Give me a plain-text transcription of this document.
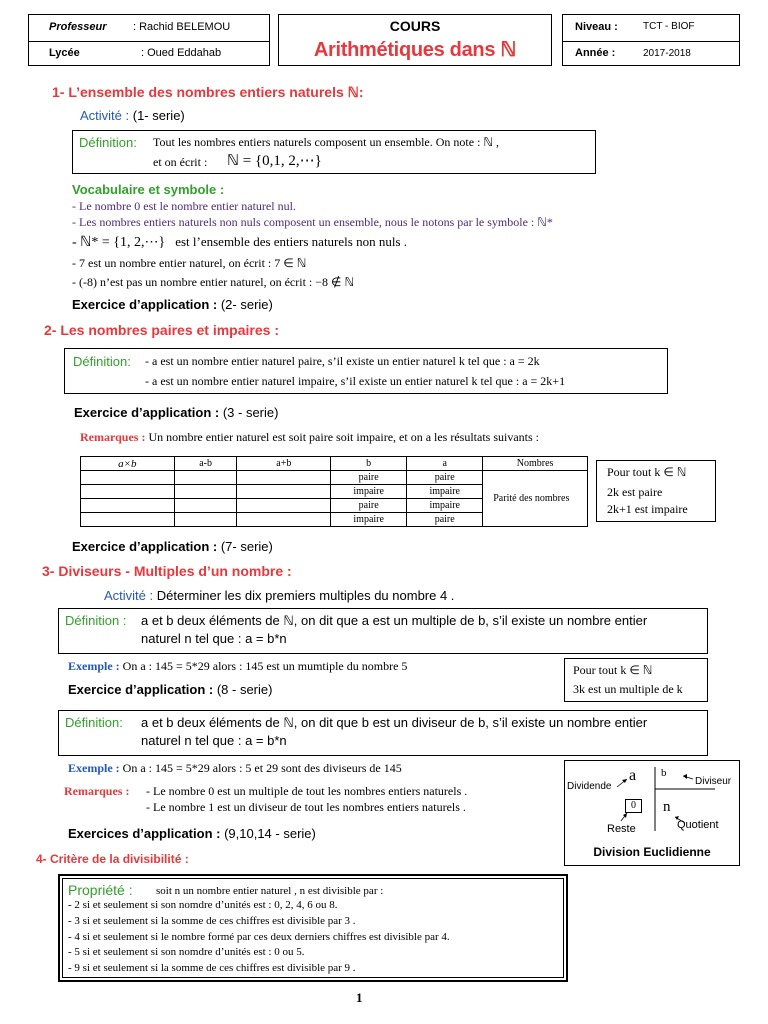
Professeur : Rachid BELEMOU
Lycée	: Oued Eddahab
COURS
Arithmétiques dans ℕ
Niveau :	TCT - BIOF
Année :	2017-2018
1- L’ensemble des nombres entiers naturels ℕ:
Activité : (1- serie)
Définition: Tout les nombres entiers naturels composent un ensemble. On note : ℕ ,
et on écrit : ℕ = {0,1, 2,⋯}
Vocabulaire et symbole :
- Le nombre 0 est le nombre entier naturel nul.
- Les nombres entiers naturels non nuls composent un ensemble, nous le notons par le symbole : ℕ*
- ℕ* = {1, 2,⋯} est l’ensemble des entiers naturels non nuls .
- 7 est un nombre entier naturel, on écrit : 7 ∈ ℕ
- (-8) n’est pas un nombre entier naturel, on écrit : −8 ∉ ℕ
Exercice d’application : (2- serie)
2- Les nombres paires et impaires :
Définition: - a est un nombre entier naturel paire, s’il existe un entier naturel k tel que : a = 2k
- a est un nombre entier naturel impaire, s’il existe un entier naturel k tel que : a = 2k+1
Exercice d’application : (3 - serie)
Remarques : Un nombre entier naturel est soit paire soit impaire, et on a les résultats suivants :
a×b	a-b	a+b	b	a	Nombres
			paire	paire	Parité des nombres
			impaire	impaire	
			paire	impaire	
			impaire	paire	
Pour tout k ∈ ℕ
2k est paire
2k+1 est impaire
Exercice d’application : (7- serie)
3- Diviseurs - Multiples d’un nombre :
Activité : Déterminer les dix premiers multiples du nombre 4 .
Définition : a et b deux éléments de ℕ, on dit que a est un multiple de b, s’il existe un nombre entier
naturel n tel que : a = b*n
Exemple : On a : 145 = 5*29 alors : 145 est un mumtiple du nombre 5	Pour tout k ∈ ℕ
3k est un multiple de k
Exercice d’application : (8 - serie)
Définition: a et b deux éléments de ℕ, on dit que b est un diviseur de b, s’il existe un nombre entier
naturel n tel que : a = b*n
Exemple : On a : 145 = 5*29 alors : 5 et 29 sont des diviseurs de 145
Remarques : - Le nombre 0 est un multiple de tout les nombres entiers naturels .
- Le nombre 1 est un diviseur de tout les nombres entiers naturels .
Exercices d’application : (9,10,14 - serie)
Dividende
a b
Diviseur
0	n
Reste	Quotient
Division Euclidienne
4- Critère de la divisibilité :
Propriété : soit n un nombre entier naturel , n est divisible par :
- 2 si et seulement si son nomdre d’unités est : 0, 2, 4, 6 ou 8.
- 3 si et seulement si la somme de ces chiffres est divisible par 3 .
- 4 si et seulement si le nombre formé par ces deux derniers chiffres est divisible par 4.
- 5 si et seulement si son nomdre d’unités est : 0 ou 5.
- 9 si et seulement si la somme de ces chiffres est divisible par 9 .
1
